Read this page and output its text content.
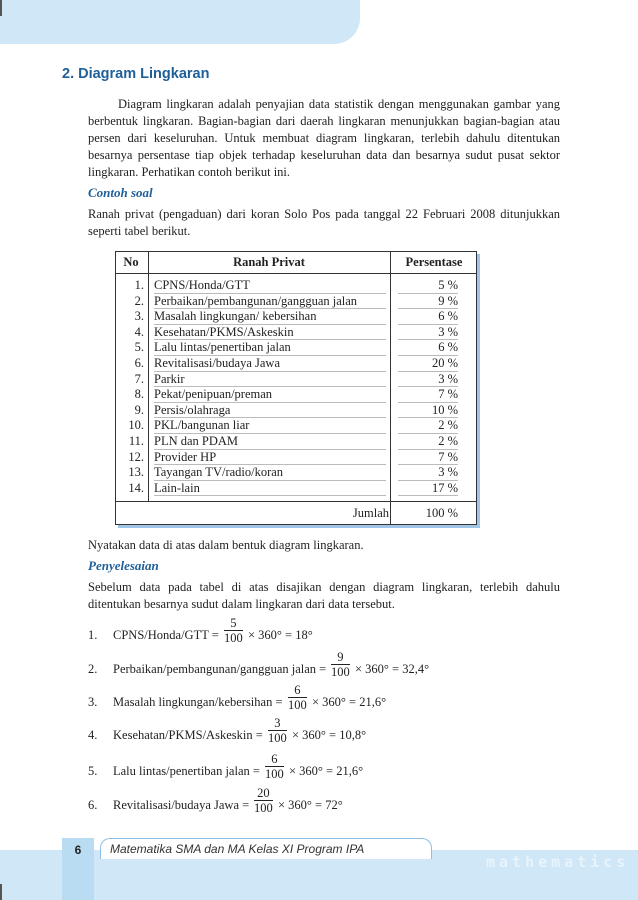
2. Diagram Lingkaran
Diagram lingkaran adalah penyajian data statistik dengan menggunakan gambar yang berbentuk lingkaran. Bagian-bagian dari daerah lingkaran menunjukkan bagian-bagian atau persen dari keseluruhan. Untuk membuat diagram lingkaran, terlebih dahulu ditentukan besarnya persentase tiap objek terhadap keseluruhan data dan besarnya sudut pusat sektor lingkaran. Perhatikan contoh berikut ini.
Contoh soal
Ranah privat (pengaduan) dari koran Solo Pos pada tanggal 22 Februari 2008 ditunjukkan seperti tabel berikut.
No	Ranah Privat	Persentase
1. CPNS/Honda/GTT	5 %
2. Perbaikan/pembangunan/gangguan jalan	9 %
3. Masalah lingkungan/ kebersihan	6 %
4. Kesehatan/PKMS/Askeskin	3 %
5. Lalu lintas/penertiban jalan	6 %
6. Revitalisasi/budaya Jawa	20 %
7. Parkir	3 %
8. Pekat/penipuan/preman	7 %
9. Persis/olahraga	10 %
10. PKL/bangunan liar	2 %
11. PLN dan PDAM	2 %
12. Provider HP	7 %
13. Tayangan TV/radio/koran	3 %
14. Lain-lain	17 %
Jumlah	100 %
Nyatakan data di atas dalam bentuk diagram lingkaran.
Penyelesaian
Sebelum data pada tabel di atas disajikan dengan diagram lingkaran, terlebih dahulu ditentukan besarnya sudut dalam lingkaran dari data tersebut.
1. CPNS/Honda/GTT = $\frac{5}{100} \times 360^\circ = 18^\circ$
2. Perbaikan/pembangunan/gangguan jalan = $\frac{9}{100} \times 360^\circ = 32,4^\circ$
3. Masalah lingkungan/kebersihan = $\frac{6}{100} \times 360^\circ = 21,6^\circ$
4. Kesehatan/PKMS/Askeskin = $\frac{3}{100} \times 360^\circ = 10,8^\circ$
5. Lalu lintas/penertiban jalan = $\frac{6}{100} \times 360^\circ = 21,6^\circ$
6. Revitalisasi/budaya Jawa = $\frac{20}{100} \times 360^\circ = 72^\circ$
6	Matematika SMA dan MA Kelas XI Program IPA
mathematics
